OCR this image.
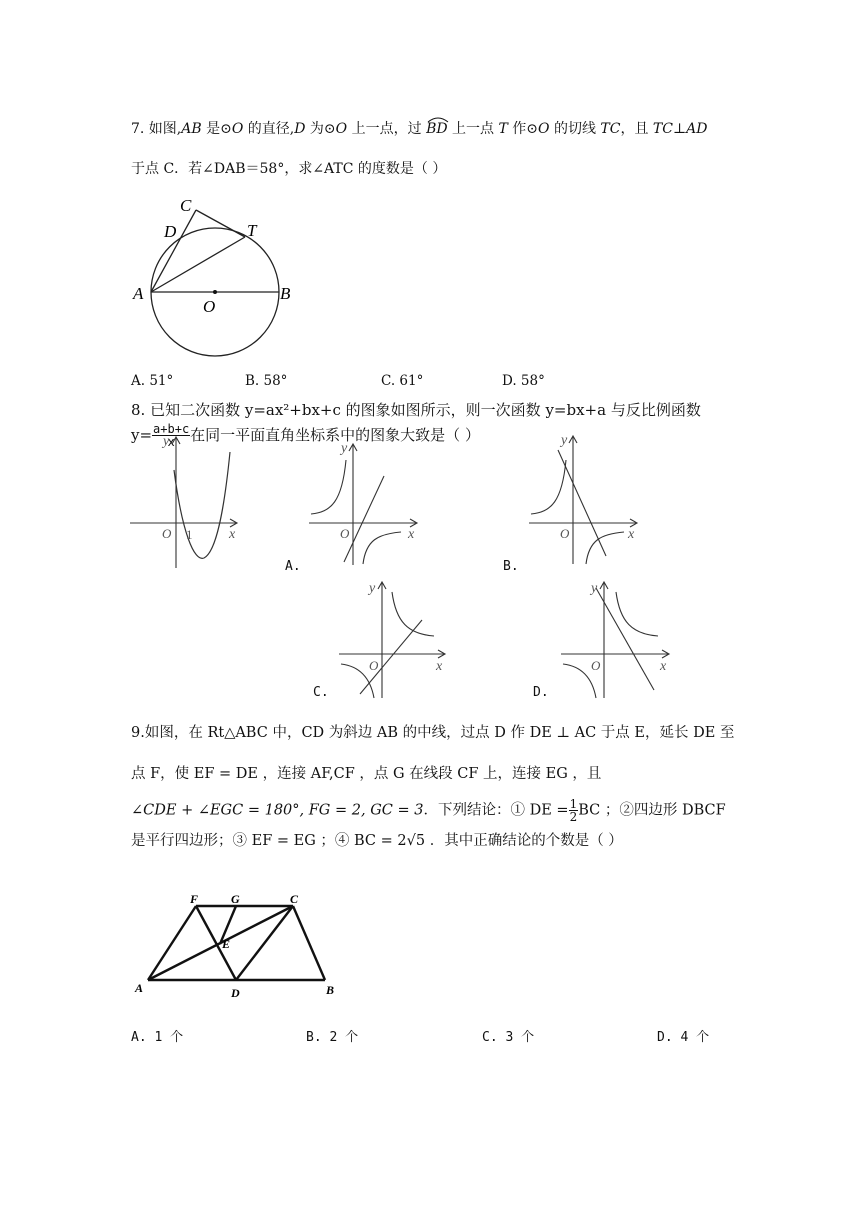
7. 如图,AB 是⊙O 的直径,D 为⊙O 上一点，过
BD 上一点 T 作⊙O 的切线 TC，且 TC⊥AD
于点 C．若∠DAB＝58°，求∠ATC 的度数是（ ）
C
D	T
A
O
B
A. 51°	B. 58°	C. 61°	D. 58°
8. 已知二次函数 y=ax²+bx+c 的图象如图所示，则一次函数 y=bx+a 与反比例函数
$y= \frac{a+b+c}{x}$ 在同一平面直角坐标系中的图象大致是（ ）
y
x
O 1
y
x
O
A.
y
x
O
B.
y
x
O
C.
y
x
O
D.
9.如图，在 Rt△ABC 中，CD 为斜边 AB 的中线，过点 D 作 DE ⊥ AC 于点 E，延长 DE 至
点 F，使 EF = DE ，连接 AF,CF ，点 G 在线段 CF 上，连接 EG ，且
∠CDE + ∠EGC = 180°, FG = 2, GC = 3．下列结论：① DE = $\frac{1}{2}$ BC ；②四边形 DBCF
是平行四边形；③ EF = EG ；④ BC = 2√5 ．其中正确结论的个数是（ ）
F	G	C
E
A	D	B
A. 1 个	B. 2 个	C. 3 个	D. 4 个
